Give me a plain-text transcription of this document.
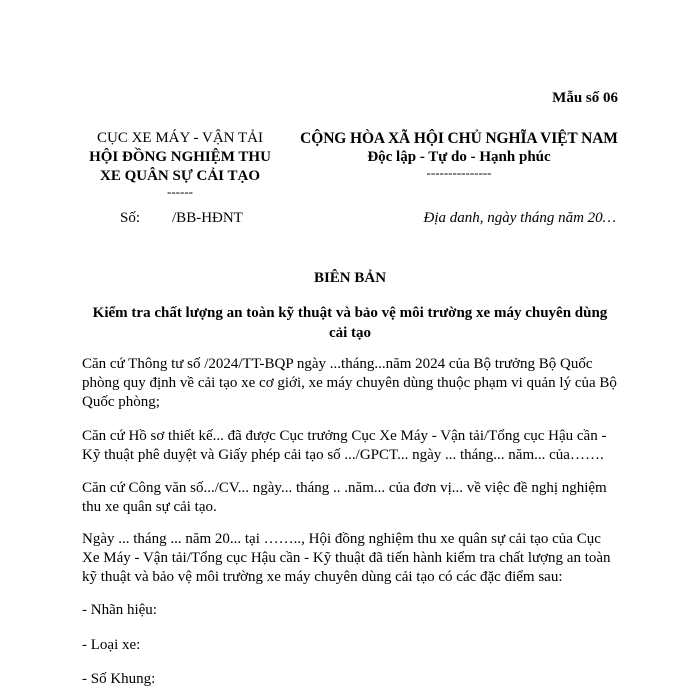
Mẫu số 06
CỤC XE MÁY - VẬN TẢI
HỘI ĐỒNG NGHIỆM THU
XE QUÂN SỰ CẢI TẠO
------
CỘNG HÒA XÃ HỘI CHỦ NGHĨA VIỆT NAM
Độc lập - Tự do - Hạnh phúc
---------------
Số: /BB-HĐNT	Địa danh, ngày tháng năm 20…
BIÊN BẢN
Kiểm tra chất lượng an toàn kỹ thuật và bảo vệ môi trường xe máy chuyên dùng cải tạo
Căn cứ Thông tư số /2024/TT-BQP ngày ...tháng...năm 2024 của Bộ trưởng Bộ Quốc phòng quy định về cải tạo xe cơ giới, xe máy chuyên dùng thuộc phạm vi quản lý của Bộ Quốc phòng;
Căn cứ Hồ sơ thiết kế... đã được Cục trưởng Cục Xe Máy - Vận tải/Tổng cục Hậu cần - Kỹ thuật phê duyệt và Giấy phép cải tạo số .../GPCT... ngày ... tháng... năm... của…….
Căn cứ Công văn số.../CV... ngày... tháng .. .năm... của đơn vị... về việc đề nghị nghiệm thu xe quân sự cải tạo.
Ngày ... tháng ... năm 20... tại …….., Hội đồng nghiệm thu xe quân sự cải tạo của Cục Xe Máy - Vận tải/Tổng cục Hậu cần - Kỹ thuật đã tiến hành kiểm tra chất lượng an toàn kỹ thuật và bảo vệ môi trường xe máy chuyên dùng cải tạo có các đặc điểm sau:
- Nhãn hiệu:
- Loại xe:
- Số Khung:
